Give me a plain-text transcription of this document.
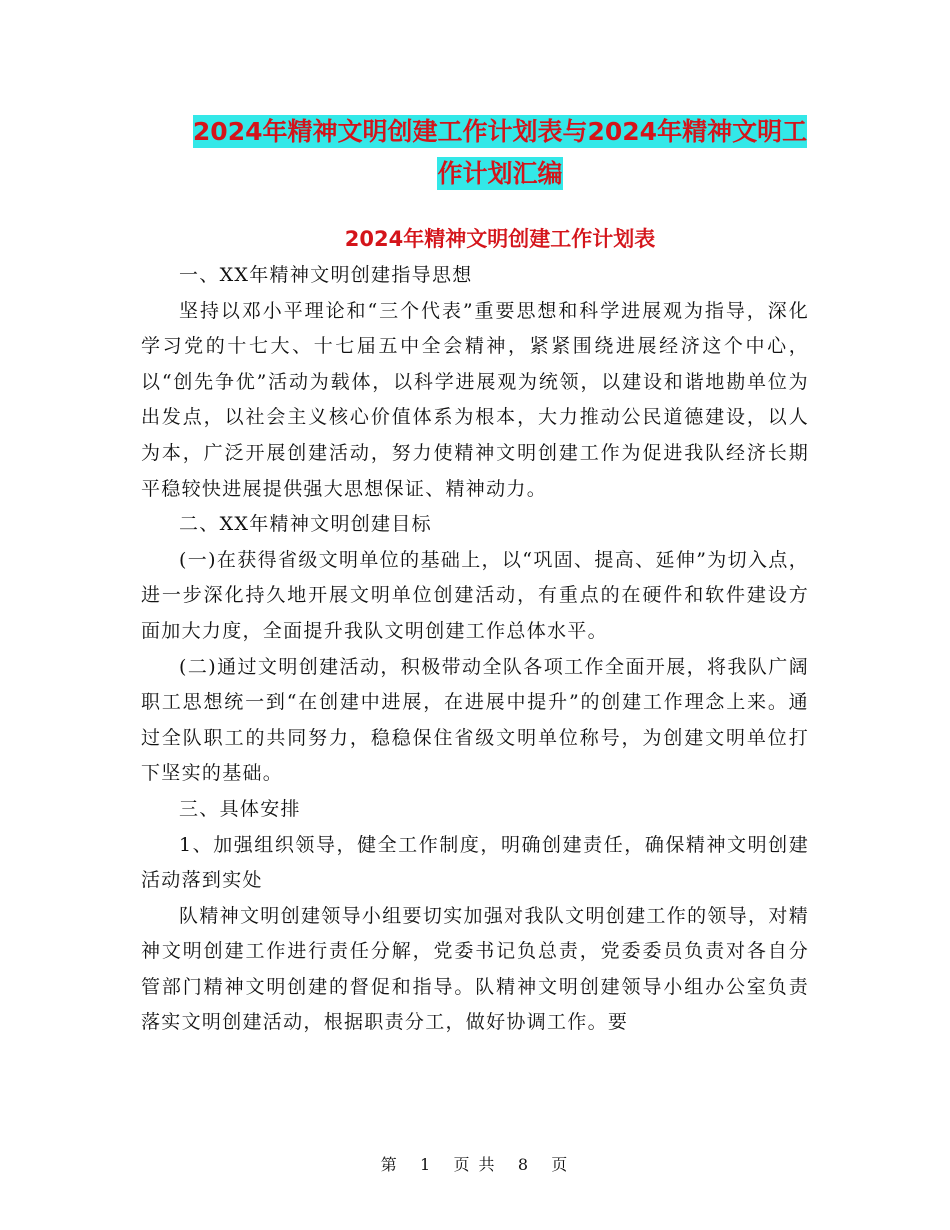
2024年精神文明创建工作计划表与2024年精神文明工
作计划汇编
2024年精神文明创建工作计划表

一、XX年精神文明创建指导思想

坚持以邓小平理论和“三个代表”重要思想和科学进展观为指导，深化学习党的十七大、十七届五中全会精神，紧紧围绕进展经济这个中心，以“创先争优”活动为载体，以科学进展观为统领，以建设和谐地勘单位为出发点，以社会主义核心价值体系为根本，大力推动公民道德建设，以人为本，广泛开展创建活动，努力使精神文明创建工作为促进我队经济长期平稳较快进展提供强大思想保证、精神动力。

二、XX年精神文明创建目标

(一)在获得省级文明单位的基础上，以“巩固、提高、延伸”为切入点，进一步深化持久地开展文明单位创建活动，有重点的在硬件和软件建设方面加大力度，全面提升我队文明创建工作总体水平。

(二)通过文明创建活动，积极带动全队各项工作全面开展，将我队广阔职工思想统一到“在创建中进展，在进展中提升”的创建工作理念上来。通过全队职工的共同努力，稳稳保住省级文明单位称号，为创建文明单位打下坚实的基础。

三、具体安排

1、加强组织领导，健全工作制度，明确创建责任，确保精神文明创建活动落到实处

队精神文明创建领导小组要切实加强对我队文明创建工作的领导，对精神文明创建工作进行责任分解，党委书记负总责，党委委员负责对各自分管部门精神文明创建的督促和指导。队精神文明创建领导小组办公室负责落实文明创建活动，根据职责分工，做好协调工作。要

第 1 页 共 8 页
